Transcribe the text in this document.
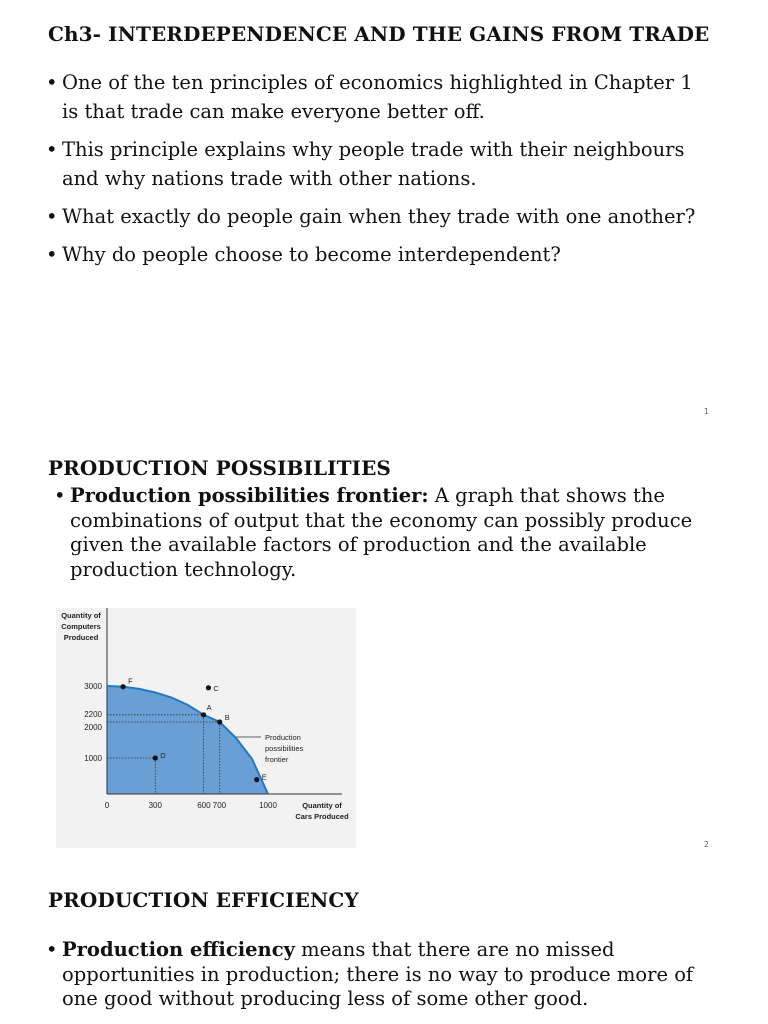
Ch3- INTERDEPENDENCE AND THE GAINS FROM TRADE
• One of the ten principles of economics highlighted in Chapter 1 is that trade can make everyone better off.
• This principle explains why people trade with their neighbours and why nations trade with other nations.
• What exactly do people gain when they trade with one another?
• Why do people choose to become interdependent?
1
PRODUCTION POSSIBILITIES
• Production possibilities frontier: A graph that shows the combinations of output that the economy can possibly produce given the available factors of production and the available production technology.
Quantity of
Computers
Produced
Quantity of
Cars Produced
3000
2200
2000
1000
0	300	600 700	1000
F
C
A
B
D
E
Production
possibilities
frontier
2
PRODUCTION EFFICIENCY
• Production efficiency means that there are no missed opportunities in production; there is no way to produce more of one good without producing less of some other good.
